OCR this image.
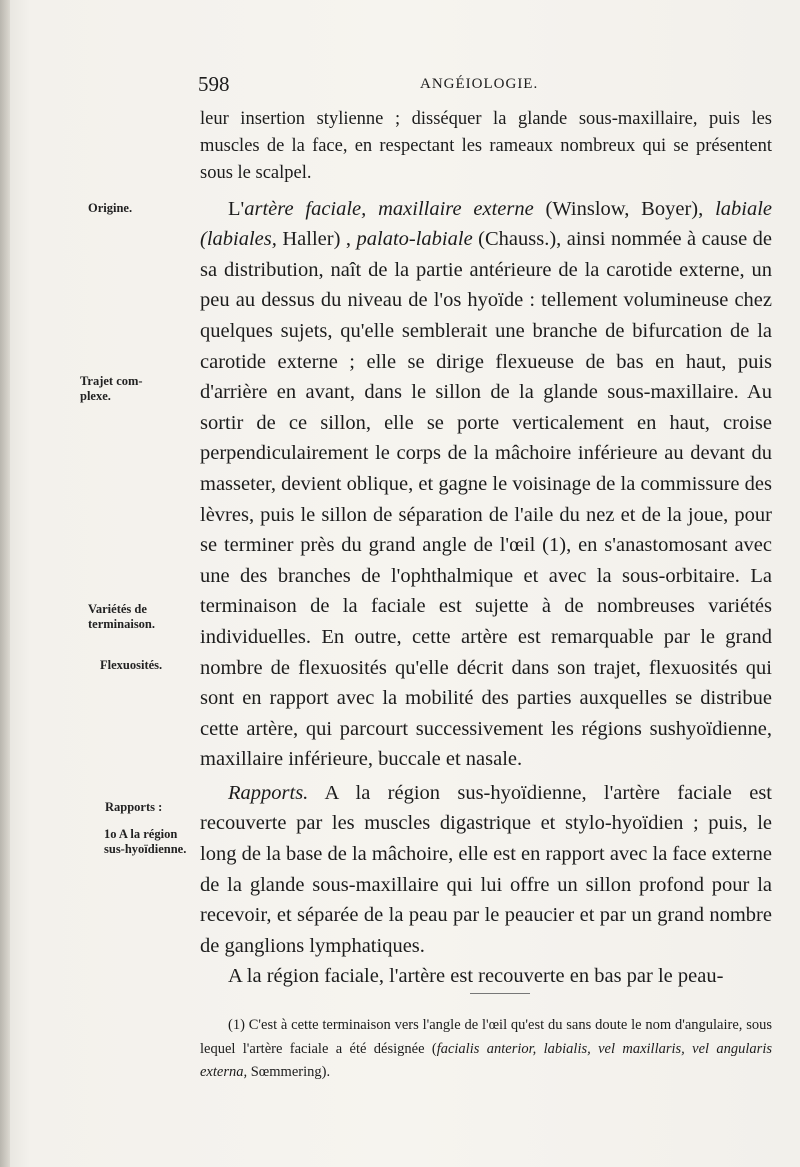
598	ANGÉIOLOGIE.

leur insertion stylienne ; disséquer la glande sous-maxillaire, puis les muscles de la face, en respectant les rameaux nombreux qui se présentent sous le scalpel.

L'artère faciale, maxillaire externe (Winslow, Boyer), labiale (labiales, Haller) , palato-labiale (Chauss.), ainsi nommée à cause de sa distribution, naît de la partie antérieure de la carotide externe, un peu au dessus du niveau de l'os hyoïde : tellement volumineuse chez quelques sujets, qu'elle semblerait une branche de bifurcation de la carotide externe ; elle se dirige flexueuse de bas en haut, puis d'arrière en avant, dans le sillon de la glande sous-maxillaire. Au sortir de ce sillon, elle se porte verticalement en haut, croise perpendiculairement le corps de la mâchoire inférieure au devant du masseter, devient oblique, et gagne le voisinage de la commissure des lèvres, puis le sillon de séparation de l'aile du nez et de la joue, pour se terminer près du grand angle de l'œil (1), en s'anastomosant avec une des branches de l'ophthalmique et avec la sous-orbitaire. La terminaison de la faciale est sujette à de nombreuses variétés individuelles. En outre, cette artère est remarquable par le grand nombre de flexuosités qu'elle décrit dans son trajet, flexuosités qui sont en rapport avec la mobilité des parties auxquelles se distribue cette artère, qui parcourt successivement les régions sushyoïdienne, maxillaire inférieure, buccale et nasale.

Rapports. A la région sus-hyoïdienne, l'artère faciale est recouverte par les muscles digastrique et stylo-hyoïdien ; puis, le long de la base de la mâchoire, elle est en rapport avec la face externe de la glande sous-maxillaire qui lui offre un sillon profond pour la recevoir, et séparée de la peau par le peaucier et par un grand nombre de ganglions lymphatiques.

A la région faciale, l'artère est recouverte en bas par le peau-

(1) C'est à cette terminaison vers l'angle de l'œil qu'est du sans doute le nom d'angulaire, sous lequel l'artère faciale a été désignée (facialis anterior, labialis, vel maxillaris, vel angularis externa, Sœmmering).

Origine.
Trajet com-
plexe.
Variétés de
terminaison.
Flexuosités.
Rapports :
1o A la région
sus-hyoïdienne.
